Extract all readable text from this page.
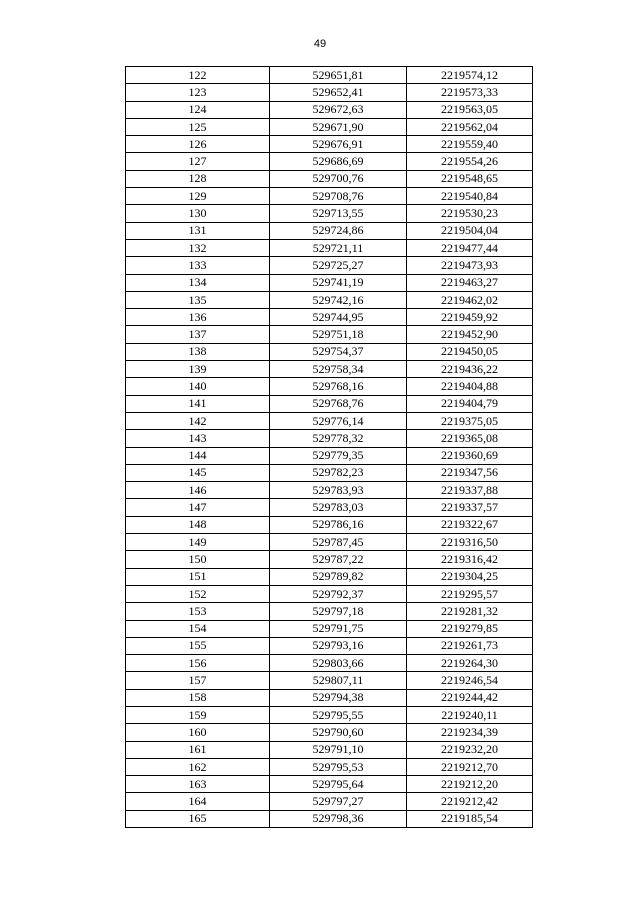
49
122	529651,81	2219574,12
123	529652,41	2219573,33
124	529672,63	2219563,05
125	529671,90	2219562,04
126	529676,91	2219559,40
127	529686,69	2219554,26
128	529700,76	2219548,65
129	529708,76	2219540,84
130	529713,55	2219530,23
131	529724,86	2219504,04
132	529721,11	2219477,44
133	529725,27	2219473,93
134	529741,19	2219463,27
135	529742,16	2219462,02
136	529744,95	2219459,92
137	529751,18	2219452,90
138	529754,37	2219450,05
139	529758,34	2219436,22
140	529768,16	2219404,88
141	529768,76	2219404,79
142	529776,14	2219375,05
143	529778,32	2219365,08
144	529779,35	2219360,69
145	529782,23	2219347,56
146	529783,93	2219337,88
147	529783,03	2219337,57
148	529786,16	2219322,67
149	529787,45	2219316,50
150	529787,22	2219316,42
151	529789,82	2219304,25
152	529792,37	2219295,57
153	529797,18	2219281,32
154	529791,75	2219279,85
155	529793,16	2219261,73
156	529803,66	2219264,30
157	529807,11	2219246,54
158	529794,38	2219244,42
159	529795,55	2219240,11
160	529790,60	2219234,39
161	529791,10	2219232,20
162	529795,53	2219212,70
163	529795,64	2219212,20
164	529797,27	2219212,42
165	529798,36	2219185,54
